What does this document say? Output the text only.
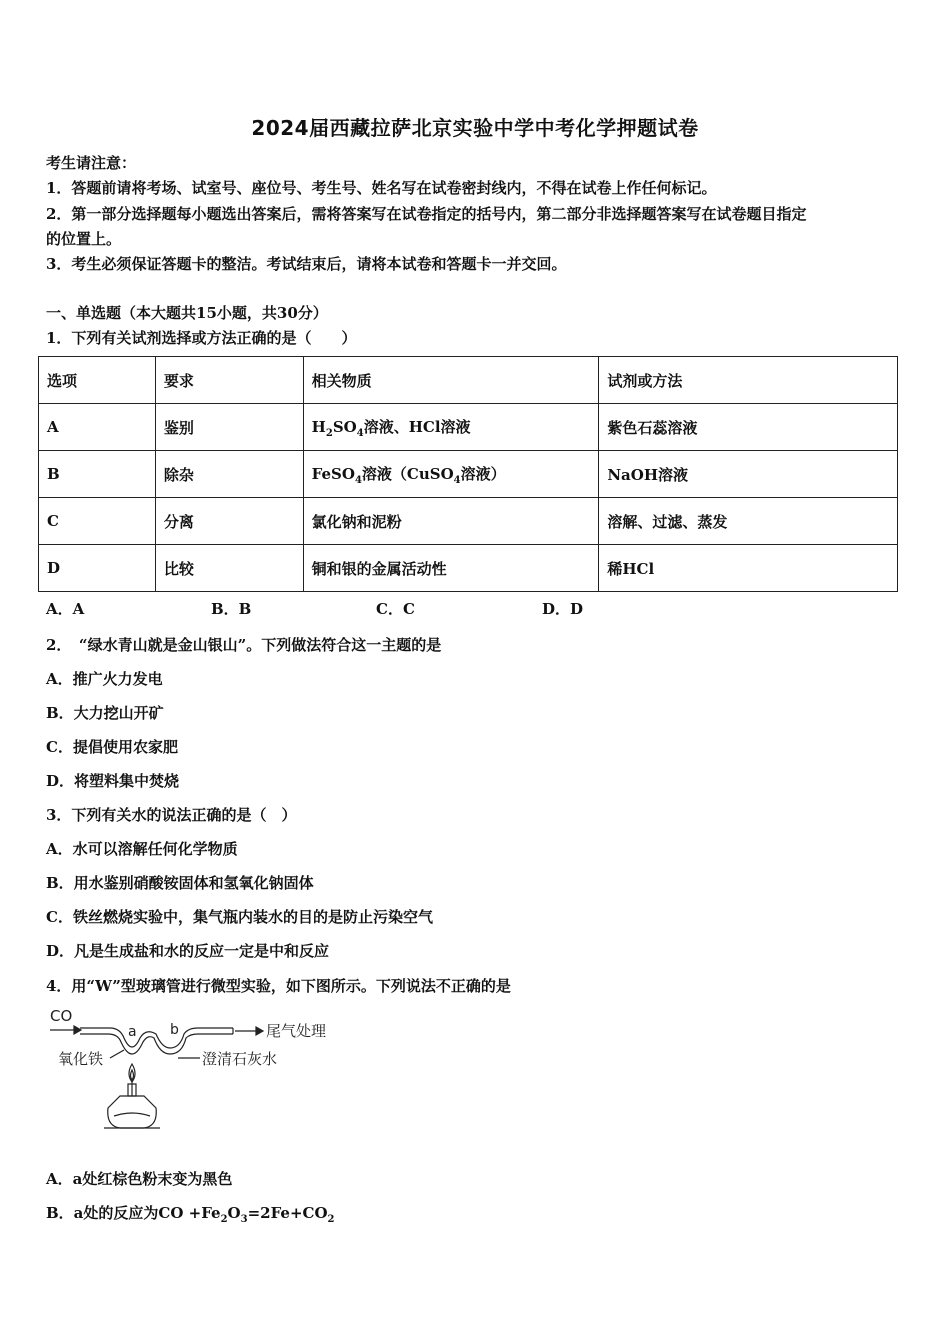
2024届西藏拉萨北京实验中学中考化学押题试卷
考生请注意：
1．答题前请将考场、试室号、座位号、考生号、姓名写在试卷密封线内，不得在试卷上作任何标记。
2．第一部分选择题每小题选出答案后，需将答案写在试卷指定的括号内，第二部分非选择题答案写在试卷题目指定
的位置上。
3．考生必须保证答题卡的整洁。考试结束后，请将本试卷和答题卡一并交回。
一、单选题（本大题共15小题，共30分）
1．下列有关试剂选择或方法正确的是（　　）
选项	要求	相关物质	试剂或方法
A	鉴别	$H_2SO_4$溶液、HCl溶液	紫色石蕊溶液
B	除杂	FeSO$_4$溶液（CuSO$_4$溶液）	NaOH溶液
C	分离	氯化钠和泥粉	溶解、过滤、蒸发
D	比较	铜和银的金属活动性	稀HCl
A．A	B．B	C．C	D．D
2．　“绿水青山就是金山银山”。下列做法符合这一主题的是
A．推广火力发电
B．大力挖山开矿
C．提倡使用农家肥
D．将塑料集中焚烧
3．下列有关水的说法正确的是（　）
A．水可以溶解任何化学物质
B．用水鉴别硝酸铵固体和氢氧化钠固体
C．铁丝燃烧实验中，集气瓶内装水的目的是防止污染空气
D．凡是生成盐和水的反应一定是中和反应
4．用“W”型玻璃管进行微型实验，如下图所示。下列说法不正确的是
CO
a b	尾气处理
氧化铁	澄清石灰水
A．a处红棕色粉末变为黑色
B．a处的反应为CO $+Fe_2O_3=2Fe+CO_2$
